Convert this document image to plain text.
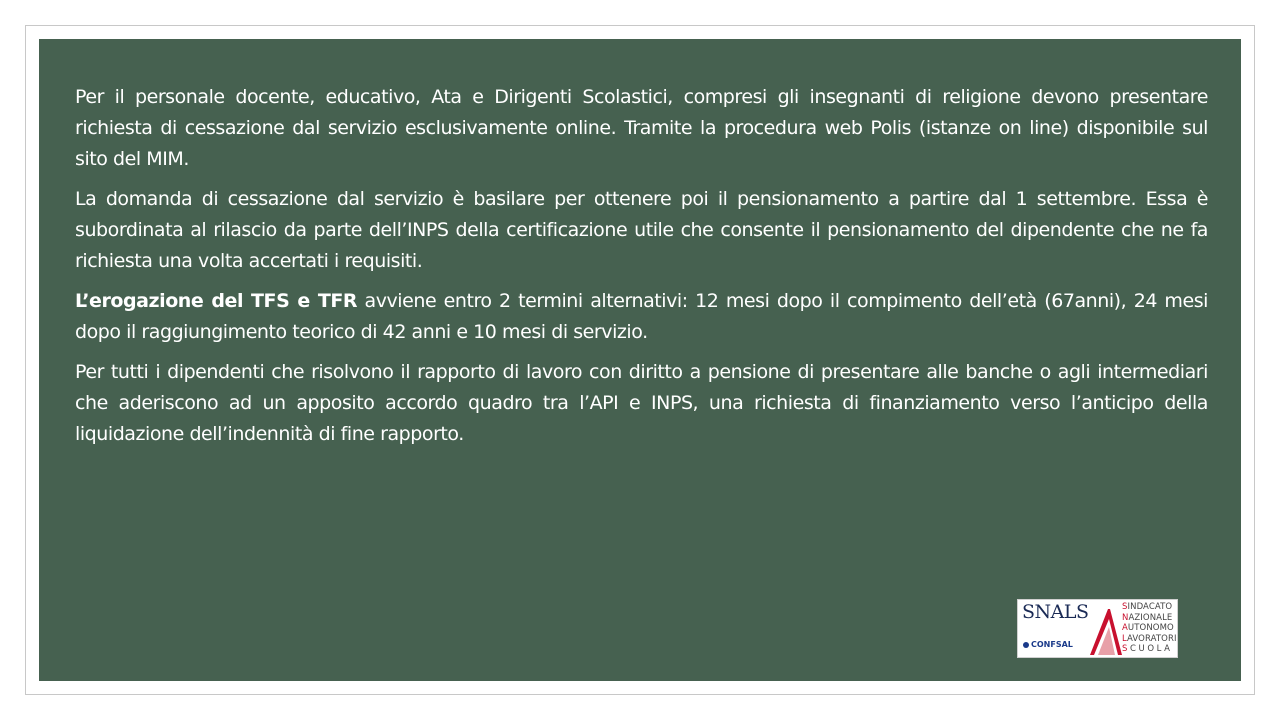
Per il personale docente, educativo, Ata e Dirigenti Scolastici, compresi gli insegnanti di religione devono presentare richiesta di cessazione dal servizio esclusivamente online. Tramite la procedura web Polis (istanze on line) disponibile sul sito del MIM.

La domanda di cessazione dal servizio è basilare per ottenere poi il pensionamento a partire dal 1 settembre. Essa è subordinata al rilascio da parte dell’INPS della certificazione utile che consente il pensionamento del dipendente che ne fa richiesta una volta accertati i requisiti.

L’erogazione del TFS e TFR avviene entro 2 termini alternativi: 12 mesi dopo il compimento dell’età (67anni), 24 mesi dopo il raggiungimento teorico di 42 anni e 10 mesi di servizio.

Per tutti i dipendenti che risolvono il rapporto di lavoro con diritto a pensione di presentare alle banche o agli intermediari che aderiscono ad un apposito accordo quadro tra l’API e INPS, una richiesta di finanziamento verso l’anticipo della liquidazione dell’indennità di fine rapporto.

SNALS
CONFSAL
SINDACATO
NAZIONALE
AUTONOMO
LAVORATORI
SCUOLA
